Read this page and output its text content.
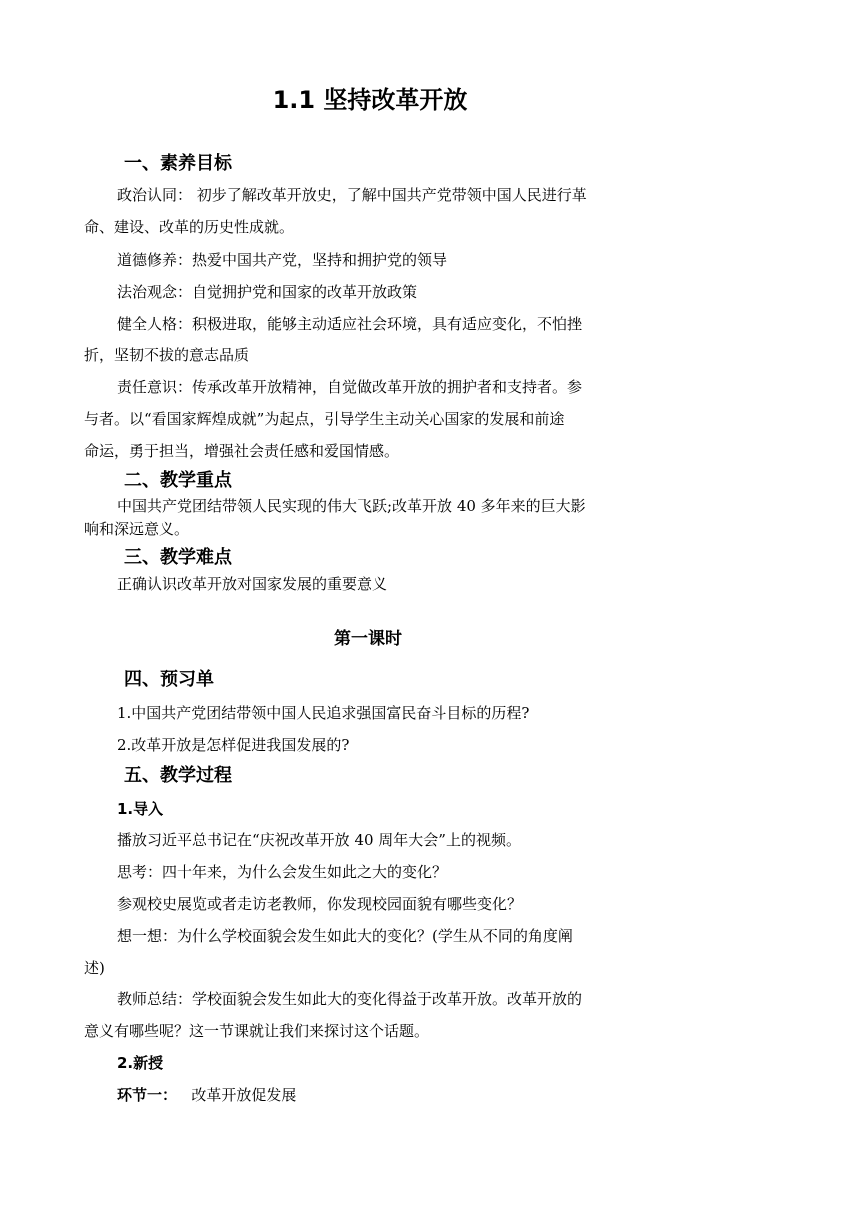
1.1 坚持改革开放
一、素养目标

政治认同： 初步了解改革开放史，了解中国共产党带领中国人民进行革

命、建设、改革的历史性成就。

道德修养：热爱中国共产党，坚持和拥护党的领导

法治观念：自觉拥护党和国家的改革开放政策

健全人格：积极进取，能够主动适应社会环境，具有适应变化，不怕挫

折，坚韧不拔的意志品质

责任意识：传承改革开放精神，自觉做改革开放的拥护者和支持者。参

与者。以“看国家辉煌成就”为起点，引导学生主动关心国家的发展和前途

命运，勇于担当，增强社会责任感和爱国情感。

二、教学重点

中国共产党团结带领人民实现的伟大飞跃;改革开放 40 多年来的巨大影

响和深远意义。

三、教学难点

正确认识改革开放对国家发展的重要意义

第一课时
四、预习单

1.中国共产党团结带领中国人民追求强国富民奋斗目标的历程?

2.改革开放是怎样促进我国发展的?

五、教学过程

1.导入

播放习近平总书记在“庆祝改革开放 40 周年大会”上的视频。

思考：四十年来，为什么会发生如此之大的变化？

参观校史展览或者走访老教师，你发现校园面貌有哪些变化？

想一想：为什么学校面貌会发生如此大的变化？(学生从不同的角度阐

述)

教师总结：学校面貌会发生如此大的变化得益于改革开放。改革开放的

意义有哪些呢？这一节课就让我们来探讨这个话题。

2.新授

环节一： 改革开放促发展
